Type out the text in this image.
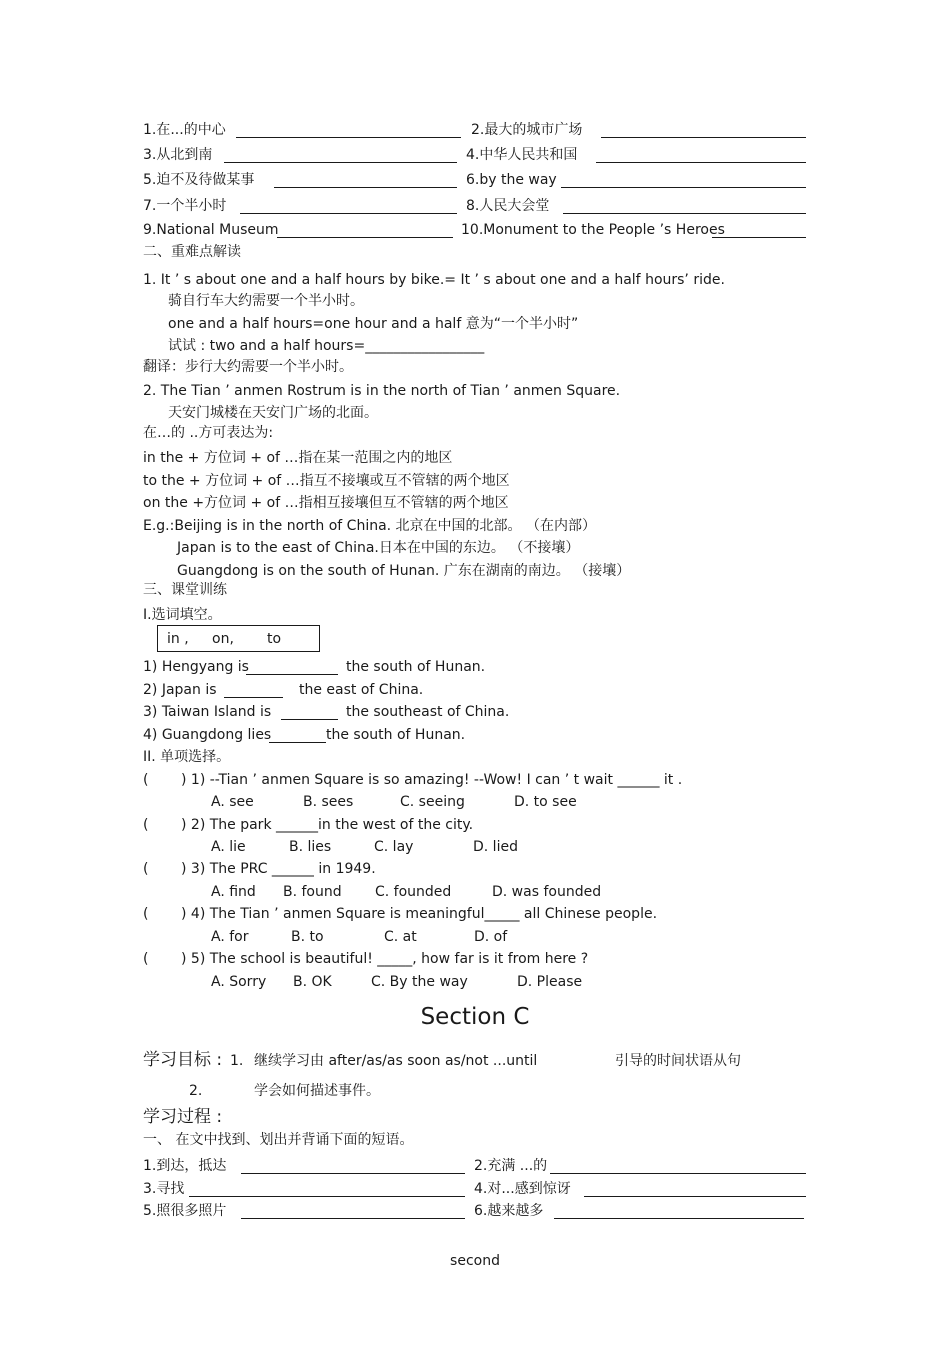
1.在...的中心	2.最大的城市广场
3.从北到南	4.中华人民共和国
5.迫不及待做某事	6.by the way
7.一个半小时	8.人民大会堂
9.National Museum	10.Monument to the People ’s Heroes
二、重难点解读
1. It ’ s about one and a half hours by bike.= It ’ s about one and a half hours’ ride.
骑自行车大约需要一个半小时。
one and a half hours=one hour and a half 意为“一个半小时”
试试 : two and a half hours=_________________
翻译：步行大约需要一个半小时。
2. The Tian ’ anmen Rostrum is in the north of Tian ’ anmen Square.
天安门城楼在天安门广场的北面。
在…的 ..方可表达为:
in the + 方位词 + of …指在某一范围之内的地区
to the + 方位词 + of …指互不接壤或互不管辖的两个地区
on the +方位词 + of …指相互接壤但互不管辖的两个地区
E.g.:Beijing is in the north of China. 北京在中国的北部。 （在内部）
Japan is to the east of China.日本在中国的东边。 （不接壤）
Guangdong is on the south of Hunan. 广东在湖南的南边。 （接壤）
三、课堂训练
I.选词填空。
in , on, to
1) Hengyang is	the south of Hunan.
2) Japan is	the east of China.
3) Taiwan Island is	the southeast of China.
4) Guangdong lies	the south of Hunan.
II. 单项选择。
( ) 1) --Tian ’ anmen Square is so amazing! --Wow! I can ’ t wait ______ it .
A. see	B. sees	C. seeing	D. to see
( ) 2) The park ______in the west of the city.
A. lie	B. lies	C. lay	D. lied
( ) 3) The PRC ______ in 1949.
A. find B. found C. founded	D. was founded
( ) 4) The Tian ’ anmen Square is meaningful_____ all Chinese people.
A. for	B. to	C. at	D. of
( ) 5) The school is beautiful! _____, how far is it from here ?
A. Sorry B. OK	C. By the way	D. Please
Section C
学习目标 : 1. 继续学习由 after/as/as soon as/not ...until	引导的时间状语从句
2.	学会如何描述事件。
学习过程 :
一、 在文中找到、划出并背诵下面的短语。
1.到达，抵达	2.充满 ...的
3.寻找	4.对...感到惊讶
5.照很多照片	6.越来越多
second
